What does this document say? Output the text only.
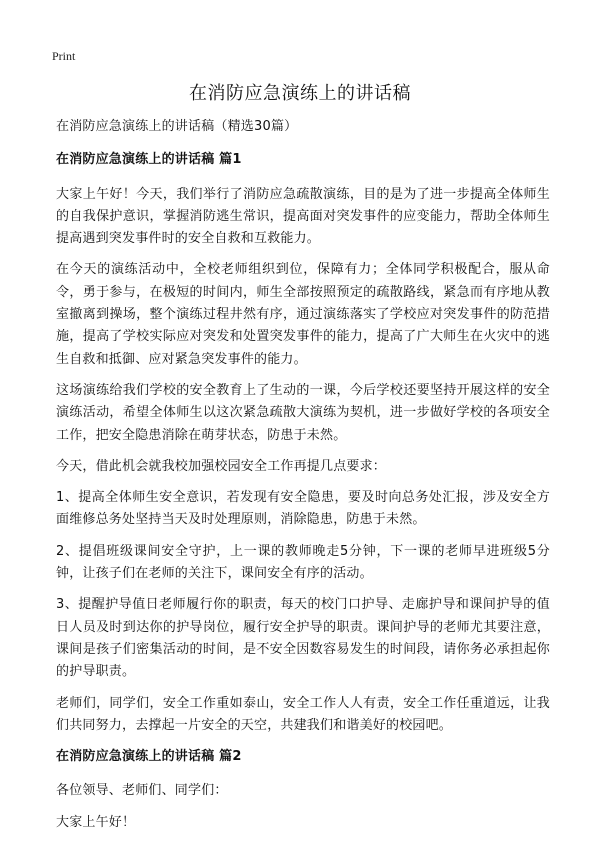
Print
在消防应急演练上的讲话稿

在消防应急演练上的讲话稿（精选30篇）

在消防应急演练上的讲话稿 篇1

大家上午好！今天，我们举行了消防应急疏散演练，目的是为了进一步提高全体师生的自我保护意识，掌握消防逃生常识，提高面对突发事件的应变能力，帮助全体师生提高遇到突发事件时的安全自救和互救能力。

在今天的演练活动中，全校老师组织到位，保障有力；全体同学积极配合，服从命令，勇于参与，在极短的时间内，师生全部按照预定的疏散路线，紧急而有序地从教室撤离到操场，整个演练过程井然有序，通过演练落实了学校应对突发事件的防范措施，提高了学校实际应对突发和处置突发事件的能力，提高了广大师生在火灾中的逃生自救和抵御、应对紧急突发事件的能力。

这场演练给我们学校的安全教育上了生动的一课，今后学校还要坚持开展这样的安全演练活动，希望全体师生以这次紧急疏散大演练为契机，进一步做好学校的各项安全工作，把安全隐患消除在萌芽状态，防患于未然。

今天，借此机会就我校加强校园安全工作再提几点要求：

1、提高全体师生安全意识，若发现有安全隐患，要及时向总务处汇报，涉及安全方面维修总务处坚持当天及时处理原则，消除隐患，防患于未然。

2、提倡班级课间安全守护，上一课的教师晚走5分钟，下一课的老师早进班级5分钟，让孩子们在老师的关注下，课间安全有序的活动。

3、提醒护导值日老师履行你的职责，每天的校门口护导、走廊护导和课间护导的值日人员及时到达你的护导岗位，履行安全护导的职责。课间护导的老师尤其要注意，课间是孩子们密集活动的时间，是不安全因数容易发生的时间段，请你务必承担起你的护导职责。

老师们，同学们，安全工作重如泰山，安全工作人人有责，安全工作任重道远，让我们共同努力，去撑起一片安全的天空，共建我们和谐美好的校园吧。

在消防应急演练上的讲话稿 篇2

各位领导、老师们、同学们：

大家上午好！
